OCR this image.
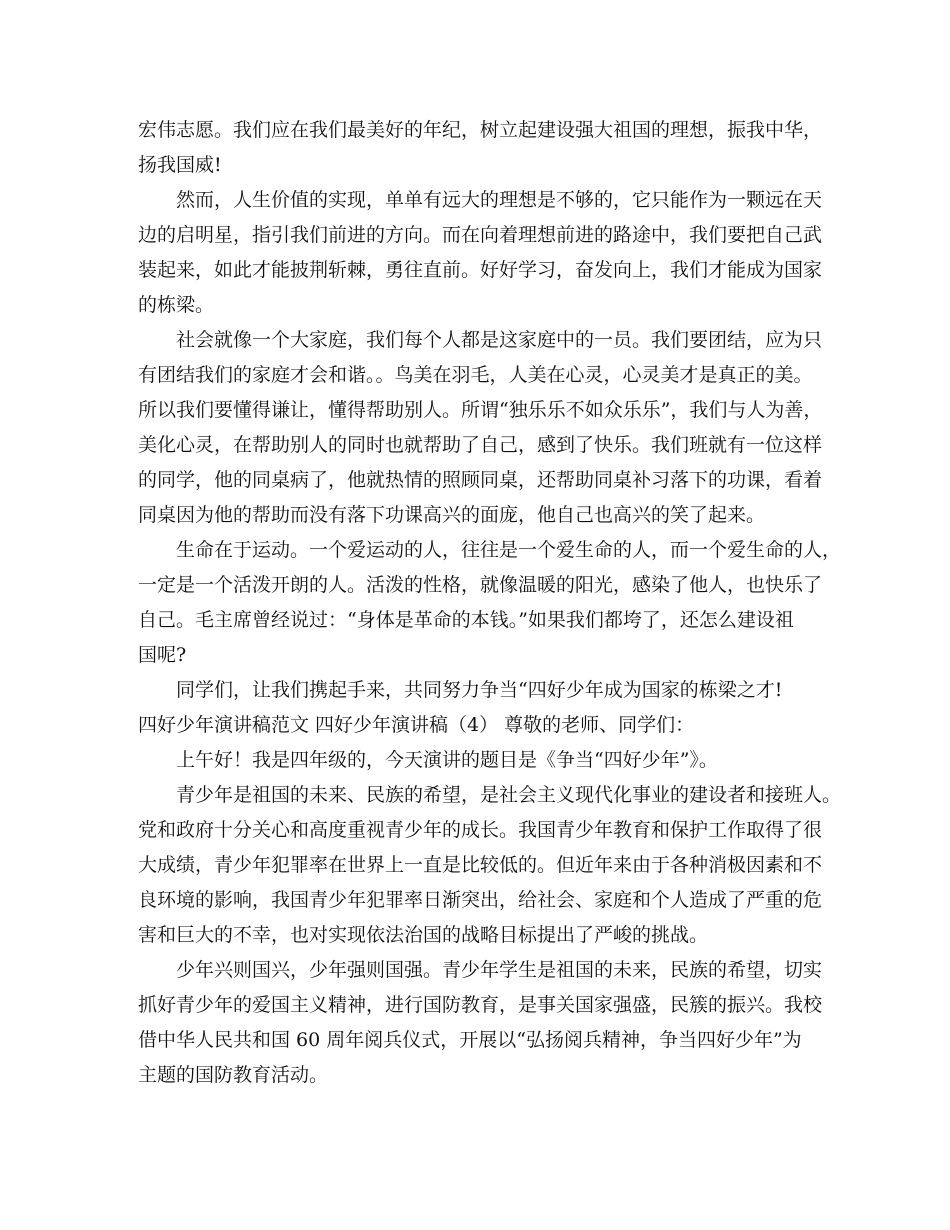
宏伟志愿。我们应在我们最美好的年纪，树立起建设强大祖国的理想，振我中华，

扬我国威!

然而，人生价值的实现，单单有远大的理想是不够的，它只能作为一颗远在天

边的启明星，指引我们前进的方向。而在向着理想前进的路途中，我们要把自己武

装起来，如此才能披荆斩棘，勇往直前。好好学习，奋发向上，我们才能成为国家

的栋梁。

社会就像一个大家庭，我们每个人都是这家庭中的一员。我们要团结，应为只

有团结我们的家庭才会和谐。。鸟美在羽毛，人美在心灵，心灵美才是真正的美。

所以我们要懂得谦让，懂得帮助别人。所谓“独乐乐不如众乐乐”，我们与人为善，

美化心灵，在帮助别人的同时也就帮助了自己，感到了快乐。我们班就有一位这样

的同学，他的同桌病了，他就热情的照顾同桌，还帮助同桌补习落下的功课，看着

同桌因为他的帮助而没有落下功课高兴的面庞，他自己也高兴的笑了起来。

生命在于运动。一个爱运动的人，往往是一个爱生命的人，而一个爱生命的人，

一定是一个活泼开朗的人。活泼的性格，就像温暖的阳光，感染了他人，也快乐了

自己。毛主席曾经说过：“身体是革命的本钱。”如果我们都垮了，还怎么建设祖

国呢?

同学们，让我们携起手来，共同努力争当“四好少年成为国家的栋梁之才!

四好少年演讲稿范文 四好少年演讲稿（4） 尊敬的老师、同学们：

上午好！我是四年级的，今天演讲的题目是《争当“四好少年”》。

青少年是祖国的未来、民族的希望，是社会主义现代化事业的建设者和接班人。

党和政府十分关心和高度重视青少年的成长。我国青少年教育和保护工作取得了很

大成绩，青少年犯罪率在世界上一直是比较低的。但近年来由于各种消极因素和不

良环境的影响，我国青少年犯罪率日渐突出，给社会、家庭和个人造成了严重的危

害和巨大的不幸，也对实现依法治国的战略目标提出了严峻的挑战。

少年兴则国兴，少年强则国强。青少年学生是祖国的未来，民族的希望，切实

抓好青少年的爱国主义精神，进行国防教育，是事关国家强盛，民簇的振兴。我校

借中华人民共和国 60 周年阅兵仪式，开展以“弘扬阅兵精神，争当四好少年”为

主题的国防教育活动。
